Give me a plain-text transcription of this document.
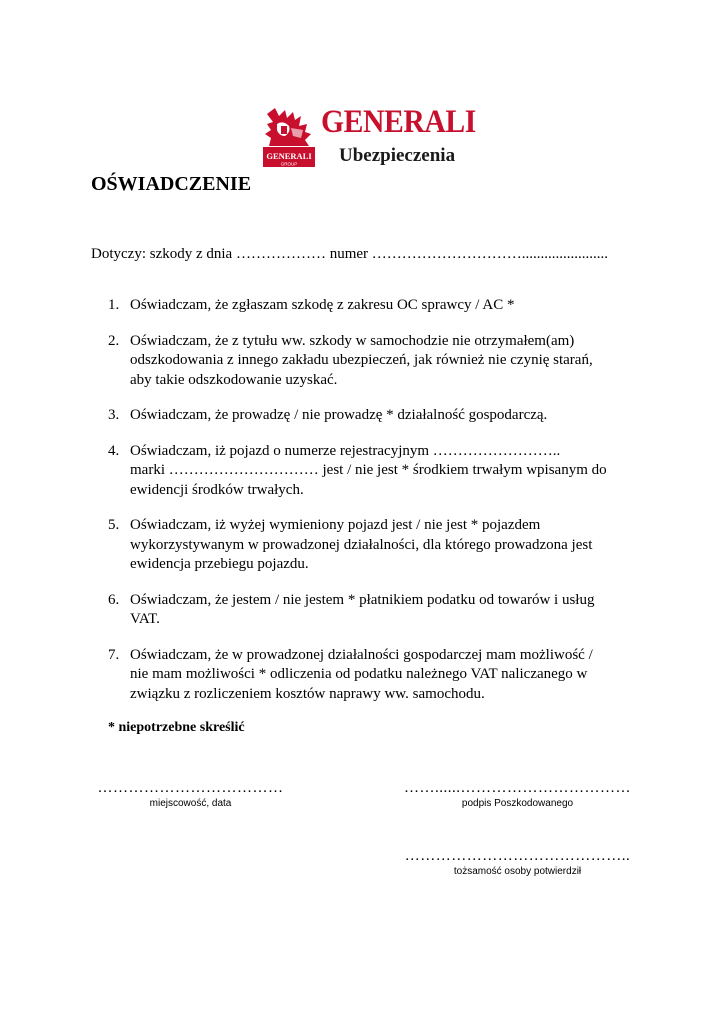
GENERALI
GROUP
GENERALI
Ubezpieczenia
OŚWIADCZENIE
Dotyczy: szkody z dnia ……………… numer ………………………….......................
1. Oświadczam, że zgłaszam szkodę z zakresu OC sprawcy / AC *
2. Oświadczam, że z tytułu ww. szkody w samochodzie nie otrzymałem(am)
odszkodowania z innego zakładu ubezpieczeń, jak również nie czynię starań,
aby takie odszkodowanie uzyskać.
3. Oświadczam, że prowadzę / nie prowadzę * działalność gospodarczą.
4. Oświadczam, iż pojazd o numerze rejestracyjnym ……………………..
marki ………………………… jest / nie jest * środkiem trwałym wpisanym do
ewidencji środków trwałych.
5. Oświadczam, iż wyżej wymieniony pojazd jest / nie jest * pojazdem
wykorzystywanym w prowadzonej działalności, dla którego prowadzona jest
ewidencja przebiegu pojazdu.
6. Oświadczam, że jestem / nie jestem * płatnikiem podatku od towarów i usług
VAT.
7. Oświadczam, że w prowadzonej działalności gospodarczej mam możliwość /
nie mam możliwości * odliczenia od podatku należnego VAT naliczanego w
związku z rozliczeniem kosztów naprawy ww. samochodu.
* niepotrzebne skreślić
………………………………
miejscowość, data
……......……………………………
podpis Poszkodowanego
……………………………………..
tożsamość osoby potwierdził
